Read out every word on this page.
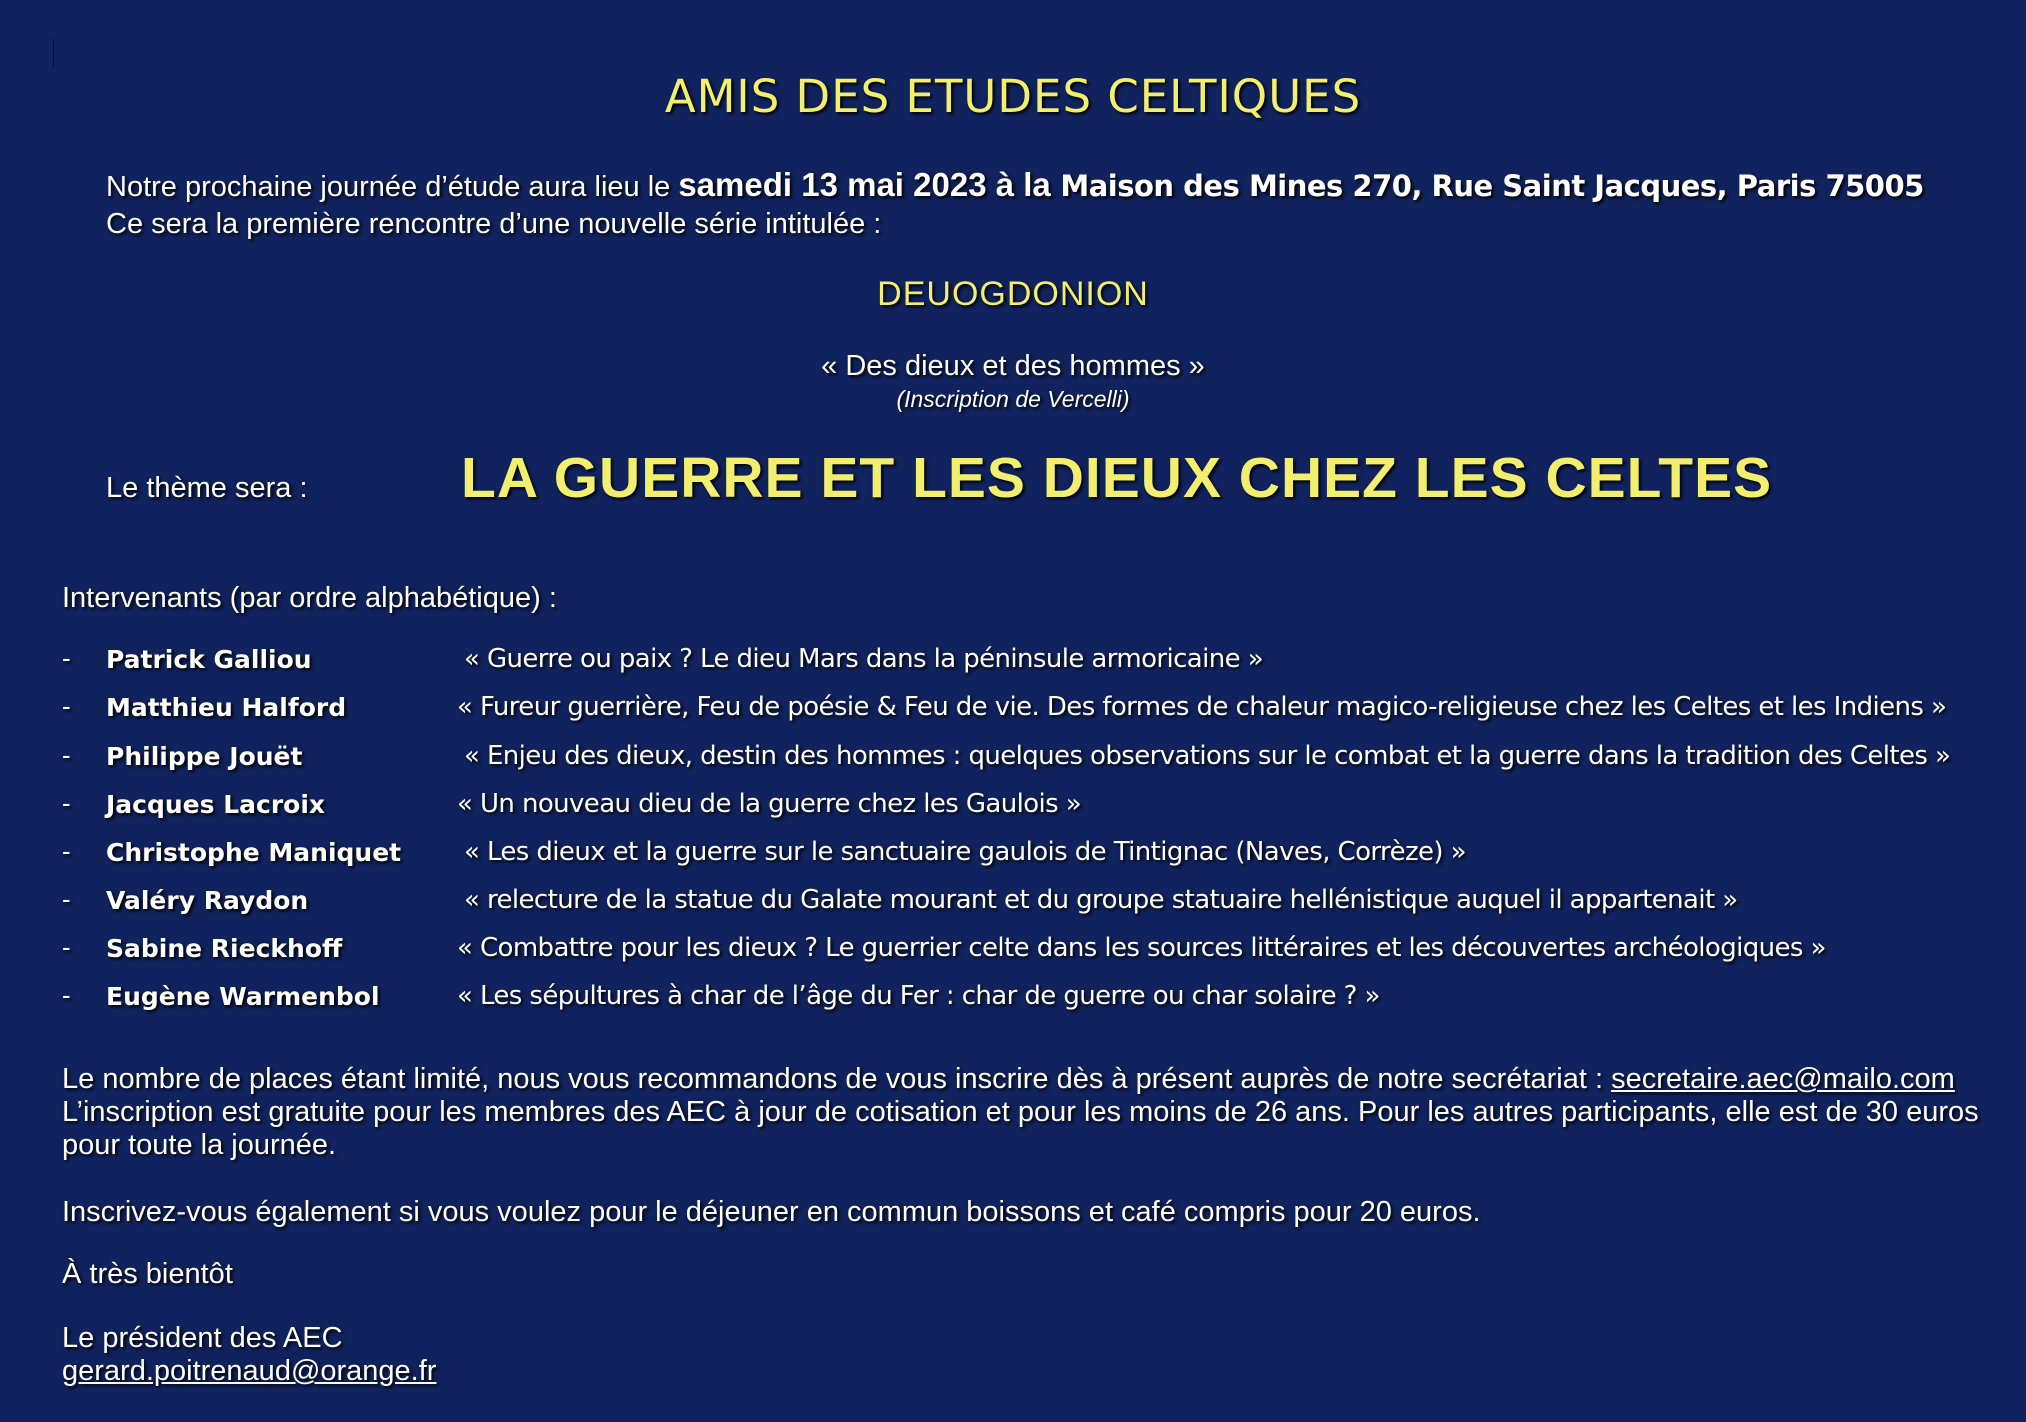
AMIS DES ETUDES CELTIQUES
Notre prochaine journée d’étude aura lieu le samedi 13 mai 2023 à la Maison des Mines 270, Rue Saint Jacques, Paris 75005
Ce sera la première rencontre d’une nouvelle série intitulée :
DEUOGDONION
« Des dieux et des hommes »
(Inscription de Vercelli)
Le thème sera :	LA GUERRE ET LES DIEUX CHEZ LES CELTES
Intervenants (par ordre alphabétique) :
- Patrick Galliou	« Guerre ou paix ? Le dieu Mars dans la péninsule armoricaine »
- Matthieu Halford	« Fureur guerrière, Feu de poésie & Feu de vie. Des formes de chaleur magico-religieuse chez les Celtes et les Indiens »
- Philippe Jouët	« Enjeu des dieux, destin des hommes : quelques observations sur le combat et la guerre dans la tradition des Celtes »
- Jacques Lacroix	« Un nouveau dieu de la guerre chez les Gaulois »
- Christophe Maniquet « Les dieux et la guerre sur le sanctuaire gaulois de Tintignac (Naves, Corrèze) »
- Valéry Raydon	« relecture de la statue du Galate mourant et du groupe statuaire hellénistique auquel il appartenait »
- Sabine Rieckhoff	« Combattre pour les dieux ? Le guerrier celte dans les sources littéraires et les découvertes archéologiques »
- Eugène Warmenbol	« Les sépultures à char de l’âge du Fer : char de guerre ou char solaire ? »
Le nombre de places étant limité, nous vous recommandons de vous inscrire dès à présent auprès de notre secrétariat : secretaire.aec@mailo.com
L’inscription est gratuite pour les membres des AEC à jour de cotisation et pour les moins de 26 ans. Pour les autres participants, elle est de 30 euros
pour toute la journée.
Inscrivez-vous également si vous voulez pour le déjeuner en commun boissons et café compris pour 20 euros.
À très bientôt
Le président des AEC
gerard.poitrenaud@orange.fr
